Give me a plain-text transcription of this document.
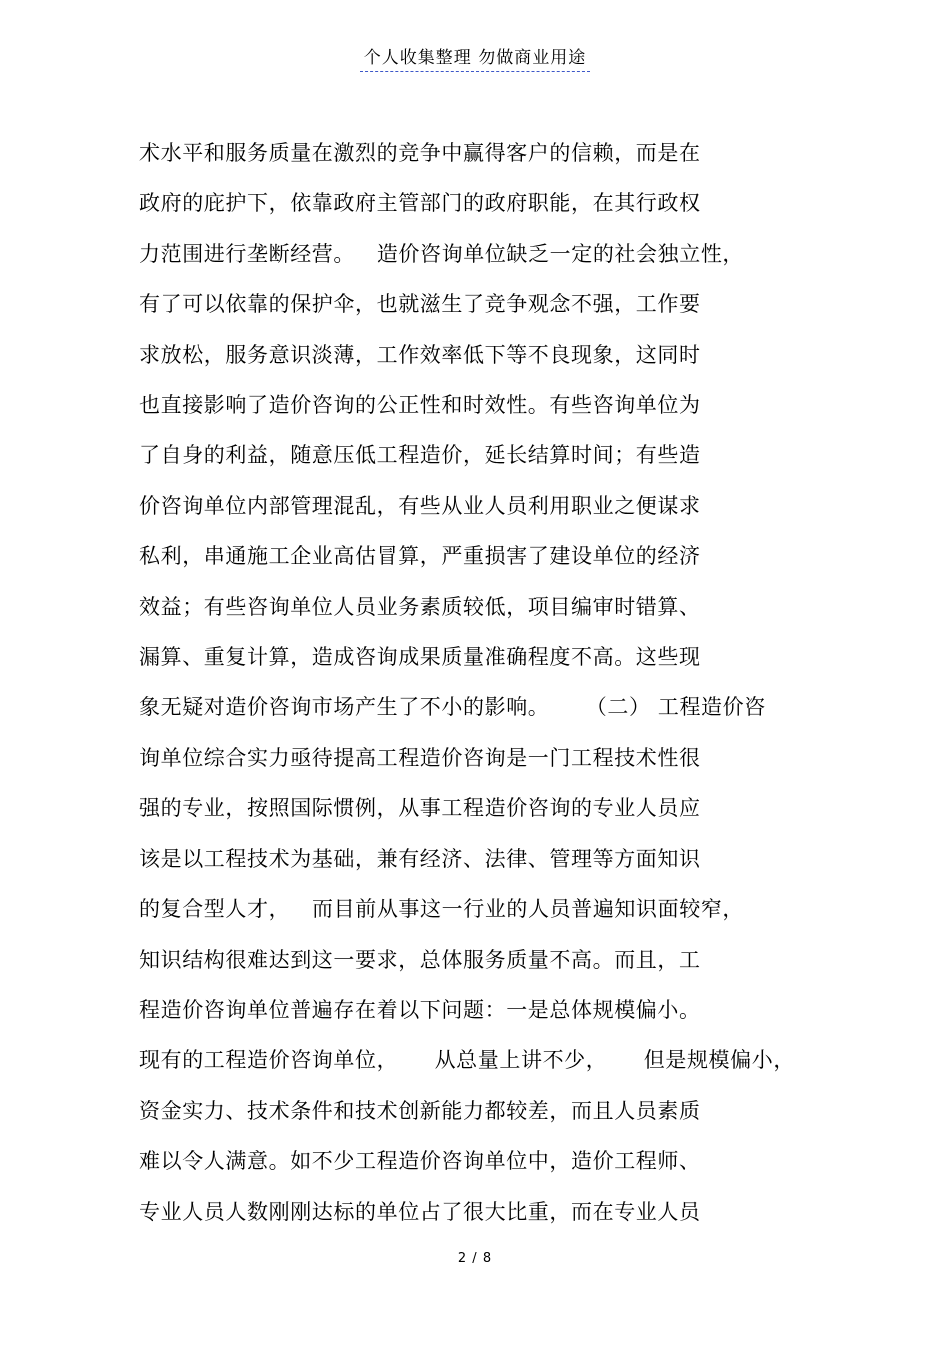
个人收集整理 勿做商业用途
术水平和服务质量在激烈的竞争中赢得客户的信赖，而是在
政府的庇护下，依靠政府主管部门的政府职能，在其行政权
力范围进行垄断经营。   造价咨询单位缺乏一定的社会独立性，
有了可以依靠的保护伞，也就滋生了竞争观念不强，工作要
求放松，服务意识淡薄，工作效率低下等不良现象，这同时
也直接影响了造价咨询的公正性和时效性。有些咨询单位为
了自身的利益，随意压低工程造价，延长结算时间；有些造
价咨询单位内部管理混乱，有些从业人员利用职业之便谋求
私利，串通施工企业高估冒算，严重损害了建设单位的经济
效益；有些咨询单位人员业务素质较低，项目编审时错算、
漏算、重复计算，造成咨询成果质量准确程度不高。这些现
象无疑对造价咨询市场产生了不小的影响。     （二） 工程造价咨
询单位综合实力亟待提高工程造价咨询是一门工程技术性很
强的专业，按照国际惯例，从事工程造价咨询的专业人员应
该是以工程技术为基础，兼有经济、法律、管理等方面知识
的复合型人才，   而目前从事这一行业的人员普遍知识面较窄，
知识结构很难达到这一要求，总体服务质量不高。而且，工
程造价咨询单位普遍存在着以下问题：一是总体规模偏小。
现有的工程造价咨询单位，     从总量上讲不少，     但是规模偏小，
资金实力、技术条件和技术创新能力都较差，而且人员素质
难以令人满意。如不少工程造价咨询单位中，造价工程师、
专业人员人数刚刚达标的单位占了很大比重，而在专业人员
2 / 8
